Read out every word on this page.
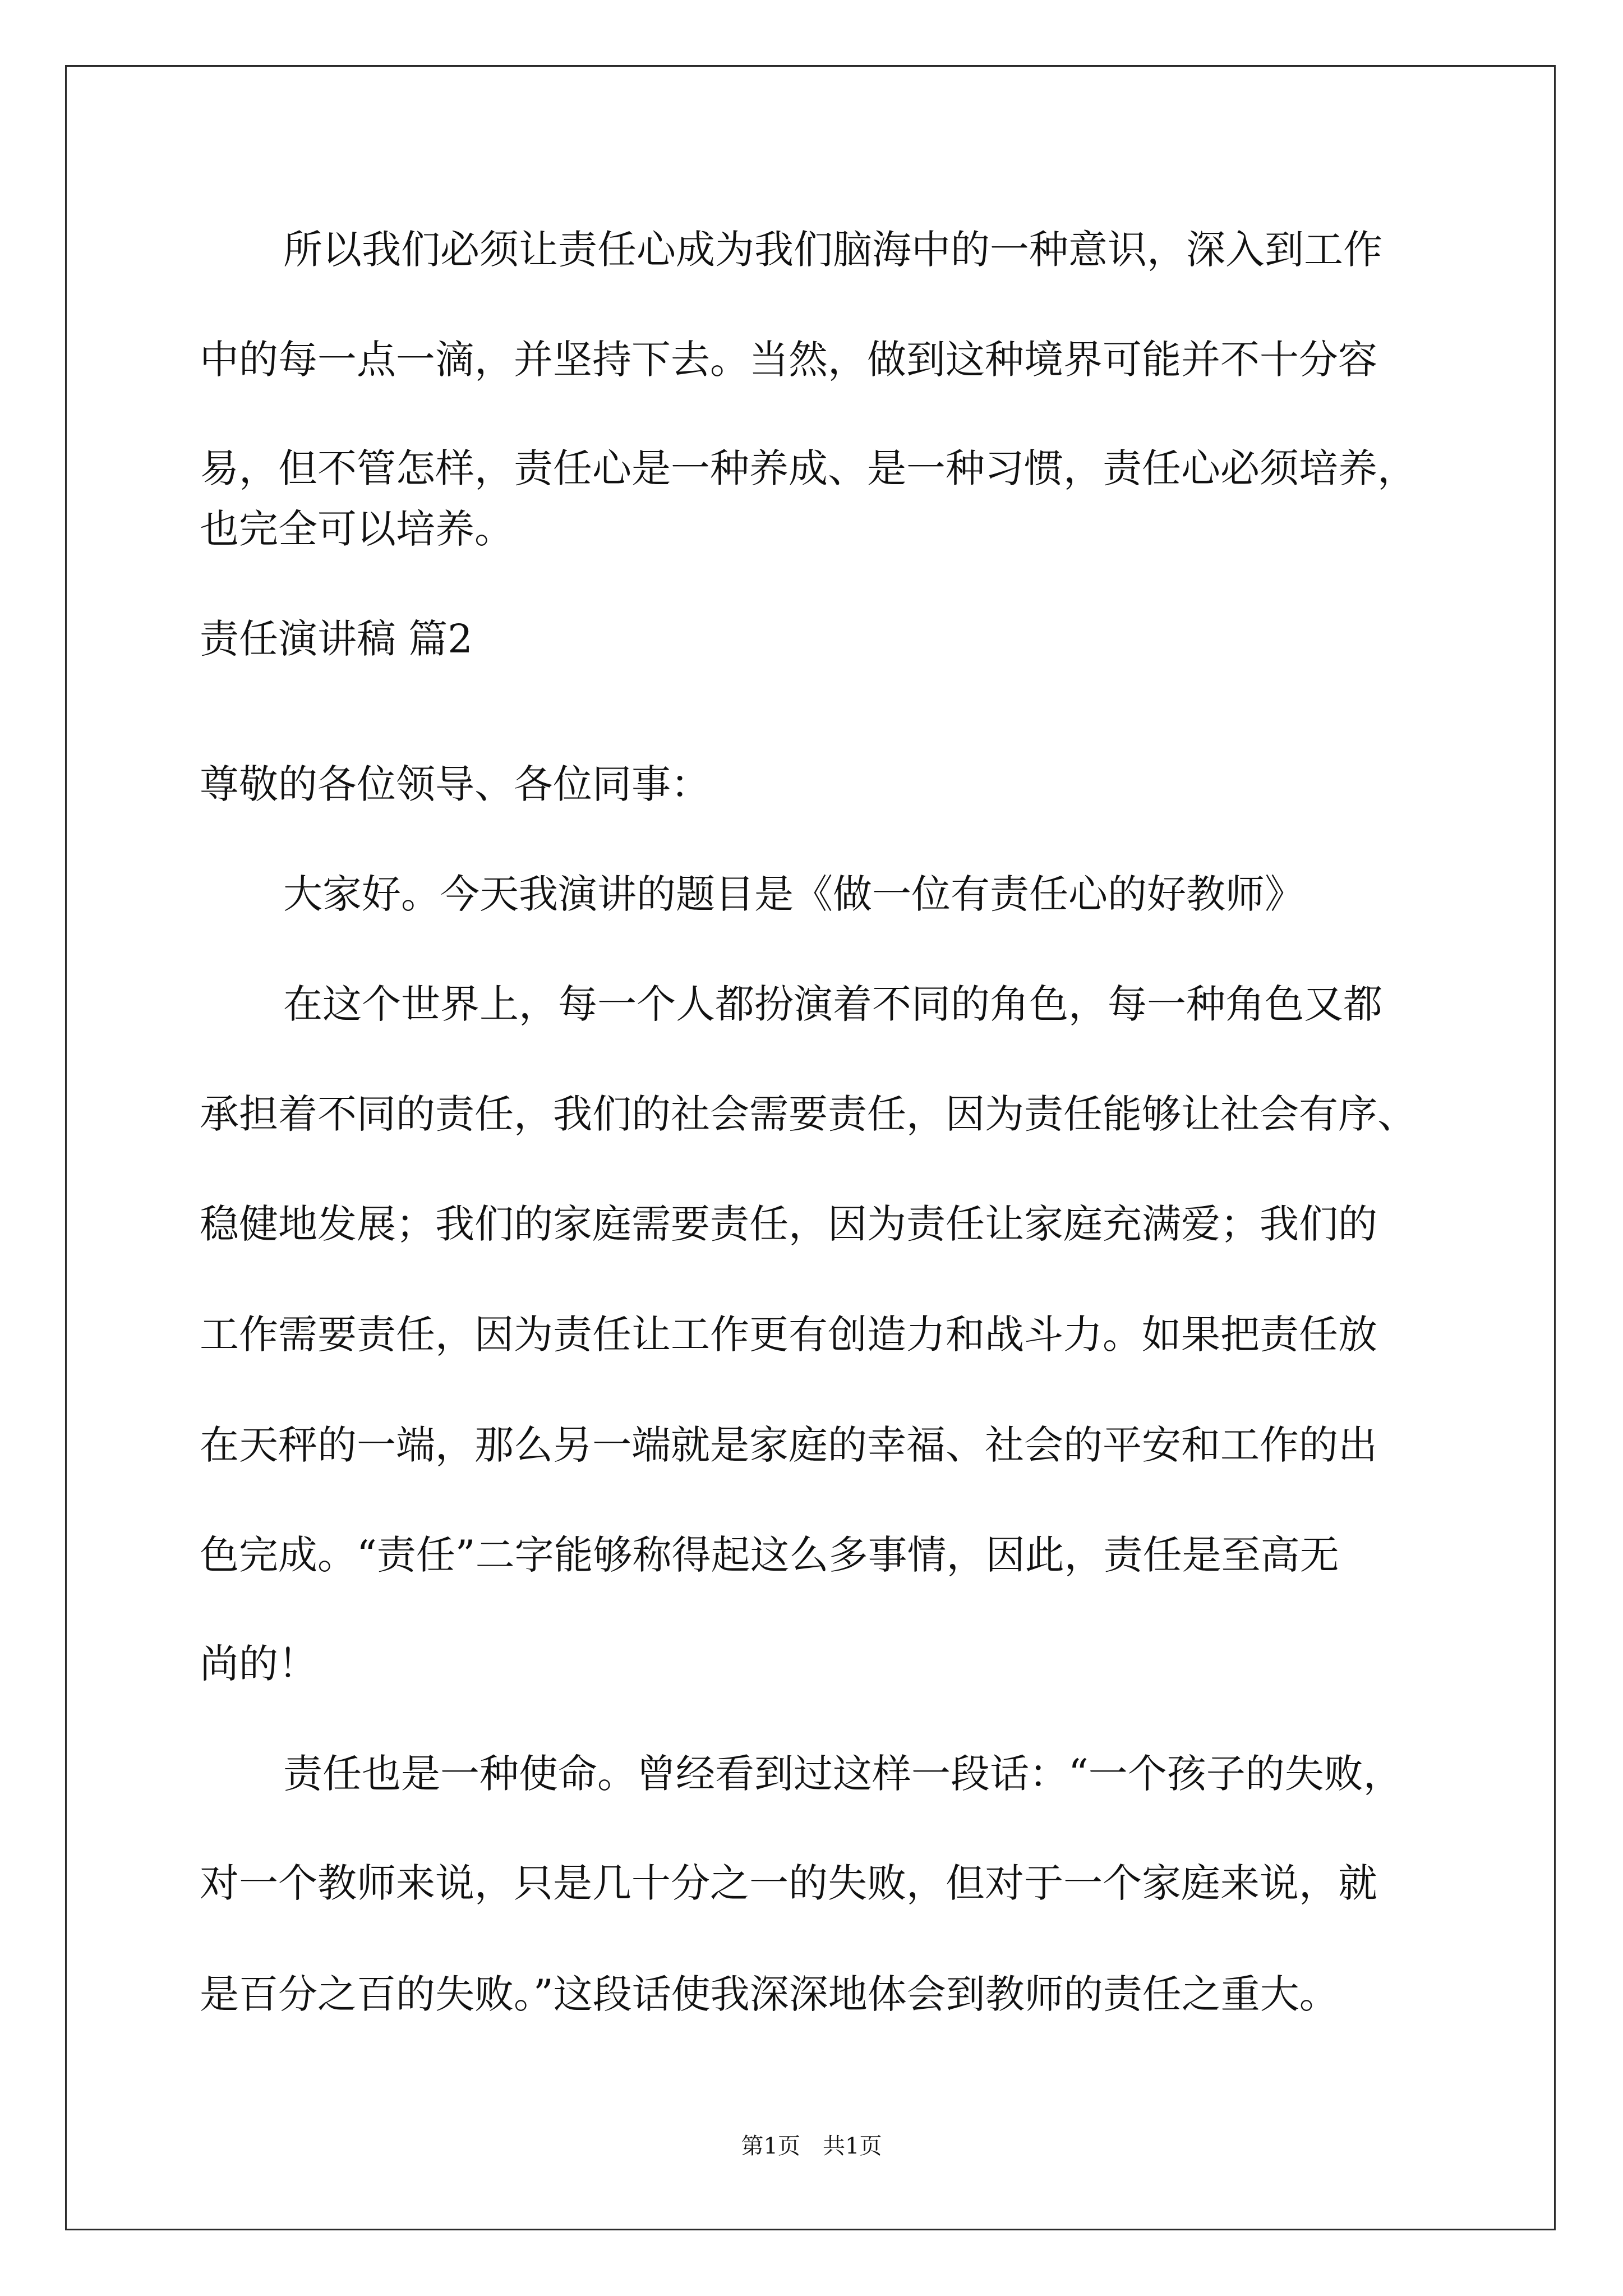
所以我们必须让责任心成为我们脑海中的一种意识，深入到工作

中的每一点一滴，并坚持下去。当然，做到这种境界可能并不十分容

易，但不管怎样，责任心是一种养成、是一种习惯，责任心必须培养，

也完全可以培养。

责任演讲稿 篇2

尊敬的各位领导、各位同事：

大家好。今天我演讲的题目是《做一位有责任心的好教师》

在这个世界上，每一个人都扮演着不同的角色，每一种角色又都

承担着不同的责任，我们的社会需要责任，因为责任能够让社会有序、

稳健地发展；我们的家庭需要责任，因为责任让家庭充满爱；我们的

工作需要责任，因为责任让工作更有创造力和战斗力。如果把责任放

在天秤的一端，那么另一端就是家庭的幸福、社会的平安和工作的出

色完成。“责任”二字能够称得起这么多事情，因此，责任是至高无

尚的！

责任也是一种使命。曾经看到过这样一段话：“一个孩子的失败，

对一个教师来说，只是几十分之一的失败，但对于一个家庭来说，就

是百分之百的失败。”这段话使我深深地体会到教师的责任之重大。

第1页　共1页
